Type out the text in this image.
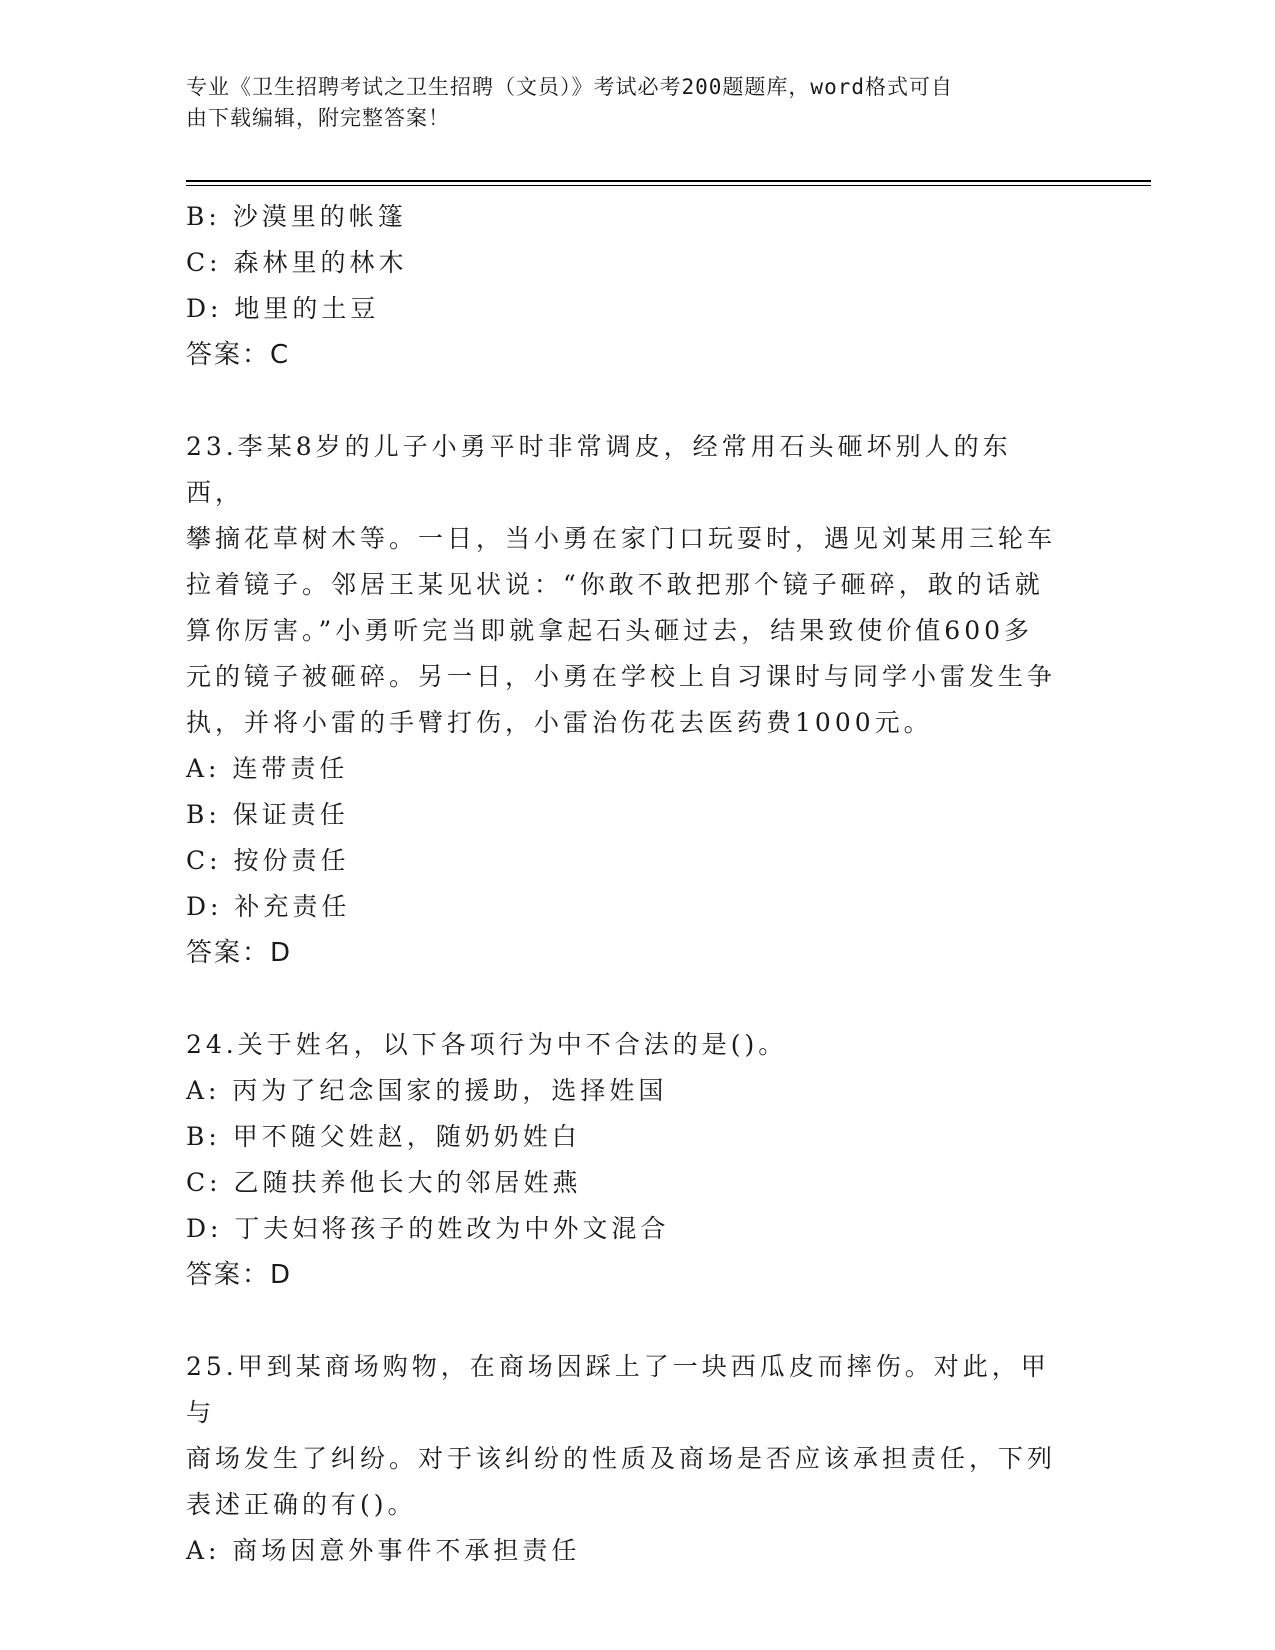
专业《卫生招聘考试之卫生招聘（文员）》考试必考200题题库，word格式可自
由下载编辑，附完整答案！
B: 沙漠里的帐篷
C: 森林里的林木
D: 地里的土豆
答案：C
23.李某8岁的儿子小勇平时非常调皮，经常用石头砸坏别人的东西，
攀摘花草树木等。一日，当小勇在家门口玩耍时，遇见刘某用三轮车
拉着镜子。邻居王某见状说：“你敢不敢把那个镜子砸碎，敢的话就
算你厉害。”小勇听完当即就拿起石头砸过去，结果致使价值600多
元的镜子被砸碎。另一日，小勇在学校上自习课时与同学小雷发生争
执，并将小雷的手臂打伤，小雷治伤花去医药费1000元。
A: 连带责任
B: 保证责任
C: 按份责任
D: 补充责任
答案：D
24.关于姓名，以下各项行为中不合法的是()。
A: 丙为了纪念国家的援助，选择姓国
B: 甲不随父姓赵，随奶奶姓白
C: 乙随扶养他长大的邻居姓燕
D: 丁夫妇将孩子的姓改为中外文混合
答案：D
25.甲到某商场购物，在商场因踩上了一块西瓜皮而摔伤。对此，甲与
商场发生了纠纷。对于该纠纷的性质及商场是否应该承担责任，下列
表述正确的有()。
A: 商场因意外事件不承担责任
